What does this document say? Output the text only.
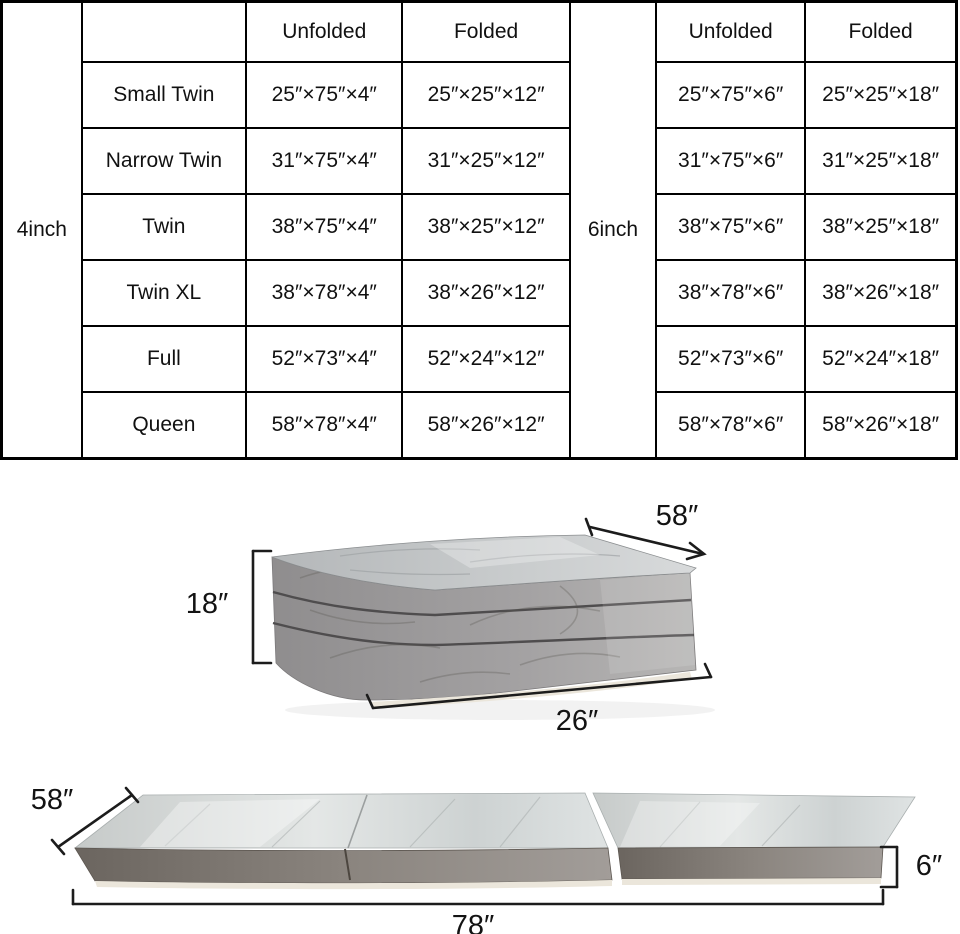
4inch		Unfolded	Folded	6inch	Unfolded	Folded
	Small Twin	25″×75″×4″	25″×25″×12″		25″×75″×6″	25″×25″×18″
	Narrow Twin	31″×75″×4″	31″×25″×12″		31″×75″×6″	31″×25″×18″
	Twin	38″×75″×4″	38″×25″×12″		38″×75″×6″	38″×25″×18″
	Twin XL	38″×78″×4″	38″×26″×12″		38″×78″×6″	38″×26″×18″
	Full	52″×73″×4″	52″×24″×12″		52″×73″×6″	52″×24″×18″
	Queen	58″×78″×4″	58″×26″×12″		58″×78″×6″	58″×26″×18″
58″
18″
26″
58″
6″
78″
